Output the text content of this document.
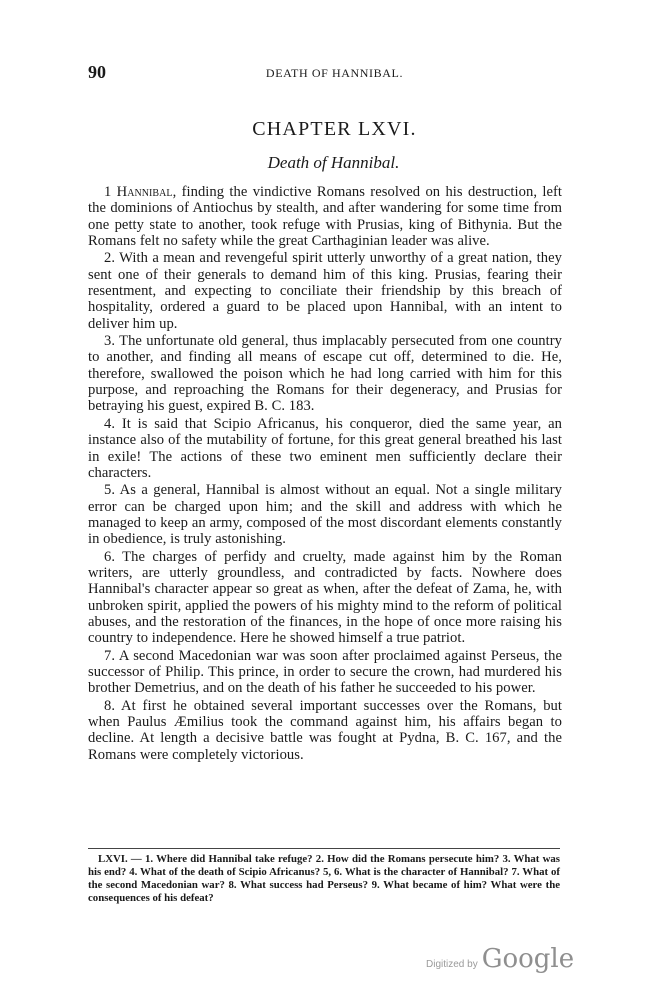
90	DEATH OF HANNIBAL.
CHAPTER LXVI.
Death of Hannibal.

1 Hannibal, finding the vindictive Romans resolved on his destruction, left the dominions of Antiochus by stealth, and after wandering for some time from one petty state to another, took refuge with Prusias, king of Bithynia. But the Romans felt no safety while the great Carthaginian leader was alive.

2. With a mean and revengeful spirit utterly unworthy of a great nation, they sent one of their generals to demand him of this king. Prusias, fearing their resentment, and expecting to conciliate their friendship by this breach of hospitality, ordered a guard to be placed upon Hannibal, with an intent to deliver him up.

3. The unfortunate old general, thus implacably persecuted from one country to another, and finding all means of escape cut off, determined to die. He, therefore, swallowed the poison which he had long carried with him for this purpose, and reproaching the Romans for their degeneracy, and Prusias for betraying his guest, expired B. C. 183.

4. It is said that Scipio Africanus, his conqueror, died the same year, an instance also of the mutability of fortune, for this great general breathed his last in exile! The actions of these two eminent men sufficiently declare their characters.

5. As a general, Hannibal is almost without an equal. Not a single military error can be charged upon him; and the skill and address with which he managed to keep an army, composed of the most discordant elements constantly in obedience, is truly astonishing.

6. The charges of perfidy and cruelty, made against him by the Roman writers, are utterly groundless, and contradicted by facts. Nowhere does Hannibal's character appear so great as when, after the defeat of Zama, he, with unbroken spirit, applied the powers of his mighty mind to the reform of political abuses, and the restoration of the finances, in the hope of once more raising his country to independence. Here he showed himself a true patriot.

7. A second Macedonian war was soon after proclaimed against Perseus, the successor of Philip. This prince, in order to secure the crown, had murdered his brother Demetrius, and on the death of his father he succeeded to his power.

8. At first he obtained several important successes over the Romans, but when Paulus Æmilius took the command against him, his affairs began to decline. At length a decisive battle was fought at Pydna, B. C. 167, and the Romans were completely victorious.

LXVI. — 1. Where did Hannibal take refuge? 2. How did the Romans persecute him? 3. What was his end? 4. What of the death of Scipio Africanus? 5, 6. What is the character of Hannibal? 7. What of the second Macedonian war? 8. What success had Perseus? 9. What became of him? What were the consequences of his defeat?
Digitized by Google
